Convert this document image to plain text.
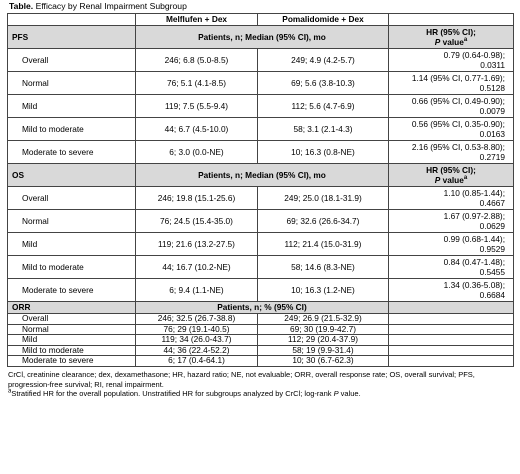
Table. Efficacy by Renal Impairment Subgroup
	Melflufen + Dex	Pomalidomide + Dex	
PFS	Patients, n; Median (95% CI), mo		HR (95% CI);
P value$^a$
Overall	246; 6.8 (5.0-8.5)	249; 4.9 (4.2-5.7)	0.79 (0.64-0.98);
0.0311
Normal	76; 5.1 (4.1-8.5)	69; 5.6 (3.8-10.3)	1.14 (95% CI, 0.77-1.69);
0.5128
Mild	119; 7.5 (5.5-9.4)	112; 5.6 (4.7-6.9)	0.66 (95% CI, 0.49-0.90);
0.0079
Mild to moderate	44; 6.7 (4.5-10.0)	58; 3.1 (2.1-4.3)	0.56 (95% CI, 0.35-0.90);
0.0163
Moderate to severe	6; 3.0 (0.0-NE)	10; 16.3 (0.8-NE)	2.16 (95% CI, 0.53-8.80);
0.2719
OS	Patients, n; Median (95% CI), mo		HR (95% CI);
P value$^a$
Overall	246; 19.8 (15.1-25.6)	249; 25.0 (18.1-31.9)	1.10 (0.85-1.44);
0.4667
Normal	76; 24.5 (15.4-35.0)	69; 32.6 (26.6-34.7)	1.67 (0.97-2.88);
0.0629
Mild	119; 21.6 (13.2-27.5)	112; 21.4 (15.0-31.9)	0.99 (0.68-1.44);
0.9529
Mild to moderate	44; 16.7 (10.2-NE)	58; 14.6 (8.3-NE)	0.84 (0.47-1.48);
0.5455
Moderate to severe	6; 9.4 (1.1-NE)	10; 16.3 (1.2-NE)	1.34 (0.36-5.08);
0.6684
ORR	Patients, n; % (95% CI)		
Overall	246; 32.5 (26.7-38.8)	249; 26.9 (21.5-32.9)	
Normal	76; 29 (19.1-40.5)	69; 30 (19.9-42.7)	
Mild	119; 34 (26.0-43.7)	112; 29 (20.4-37.9)	
Mild to moderate	44; 36 (22.4-52.2)	58; 19 (9.9-31.4)	
Moderate to severe	6; 17 (0.4-64.1)	10; 30 (6.7-62.3)	
CrCl, creatinine clearance; dex, dexamethasone; HR, hazard ratio; NE, not evaluable; ORR, overall response rate; OS, overall survival; PFS, progression-free survival; RI, renal impairment.
$^a$Stratified HR for the overall population. Unstratified HR for subgroups analyzed by CrCl; log-rank P value.
